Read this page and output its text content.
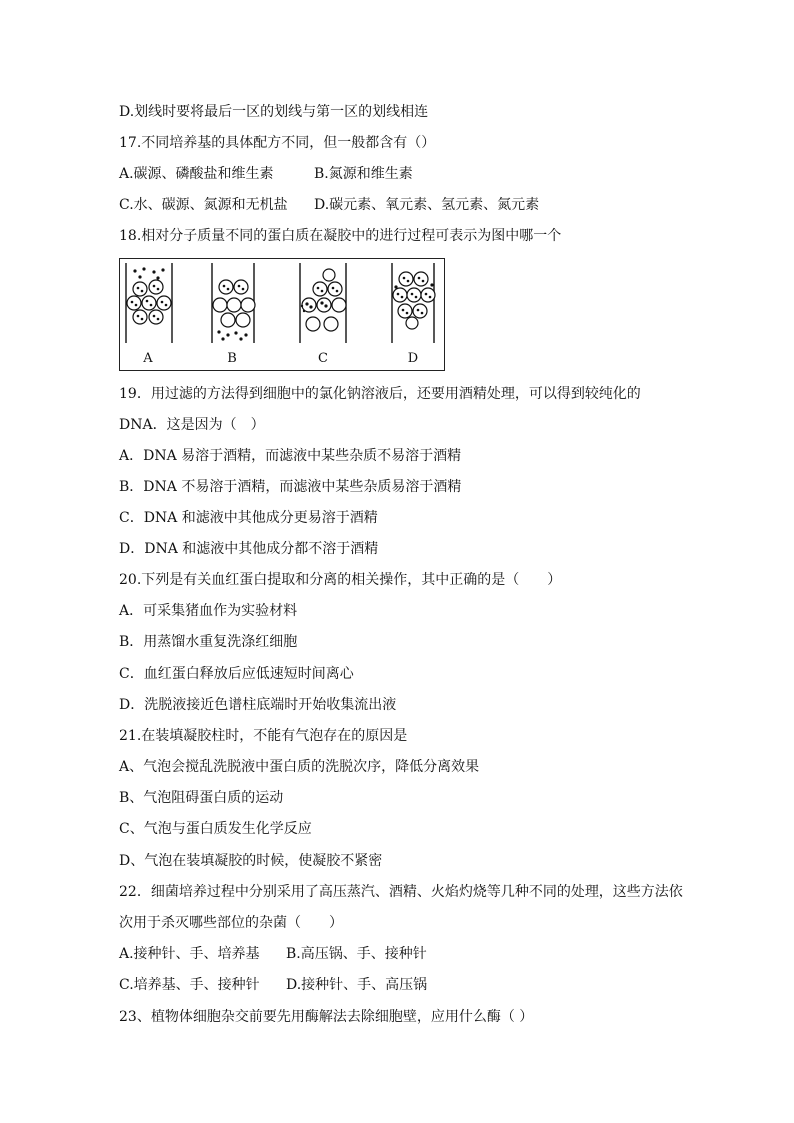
D.划线时要将最后一区的划线与第一区的划线相连
17.不同培养基的具体配方不同，但一般都含有（）
A.碳源、磷酸盐和维生素	B.氮源和维生素
C.水、碳源、氮源和无机盐 D.碳元素、氧元素、氢元素、氮元素
18.相对分子质量不同的蛋白质在凝胶中的进行过程可表示为图中哪一个
A	B	C	D
19．用过滤的方法得到细胞中的氯化钠溶液后，还要用酒精处理，可以得到较纯化的
DNA．这是因为（　）
A．DNA 易溶于酒精，而滤液中某些杂质不易溶于酒精
B．DNA 不易溶于酒精，而滤液中某些杂质易溶于酒精
C．DNA 和滤液中其他成分更易溶于酒精
D．DNA 和滤液中其他成分都不溶于酒精
20.下列是有关血红蛋白提取和分离的相关操作，其中正确的是（　　）
A．可采集猪血作为实验材料
B．用蒸馏水重复洗涤红细胞
C．血红蛋白释放后应低速短时间离心
D．洗脱液接近色谱柱底端时开始收集流出液
21.在装填凝胶柱时，不能有气泡存在的原因是
A、气泡会搅乱洗脱液中蛋白质的洗脱次序，降低分离效果
B、气泡阻碍蛋白质的运动
C、气泡与蛋白质发生化学反应
D、气泡在装填凝胶的时候，使凝胶不紧密
22．细菌培养过程中分别采用了高压蒸汽、酒精、火焰灼烧等几种不同的处理，这些方法依
次用于杀灭哪些部位的杂菌（　　）
A.接种针、手、培养基 B.高压锅、手、接种针
C.培养基、手、接种针 D.接种针、手、高压锅
23、植物体细胞杂交前要先用酶解法去除细胞壁，应用什么酶（ ）
